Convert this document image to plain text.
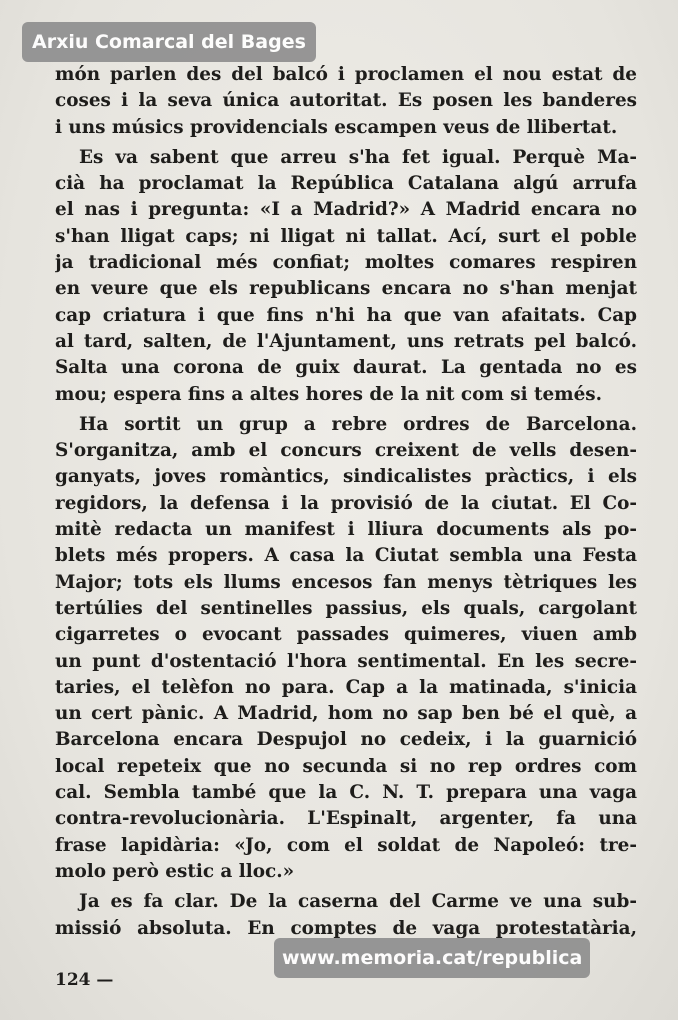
Arxiu Comarcal del Bages
món parlen des del balcó i proclamen el nou estat de
coses i la seva única autoritat. Es posen les banderes
i uns músics providencials escampen veus de llibertat.
Es va sabent que arreu s'ha fet igual. Perquè Ma-
cià ha proclamat la República Catalana algú arrufa
el nas i pregunta: «I a Madrid?» A Madrid encara no
s'han lligat caps; ni lligat ni tallat. Ací, surt el poble
ja tradicional més confiat; moltes comares respiren
en veure que els republicans encara no s'han menjat
cap criatura i que fins n'hi ha que van afaitats. Cap
al tard, salten, de l'Ajuntament, uns retrats pel balcó.
Salta una corona de guix daurat. La gentada no es
mou; espera fins a altes hores de la nit com si temés.
Ha sortit un grup a rebre ordres de Barcelona.
S'organitza, amb el concurs creixent de vells desen-
ganyats, joves romàntics, sindicalistes pràctics, i els
regidors, la defensa i la provisió de la ciutat. El Co-
mitè redacta un manifest i lliura documents als po-
blets més propers. A casa la Ciutat sembla una Festa
Major; tots els llums encesos fan menys tètriques les
tertúlies del sentinelles passius, els quals, cargolant
cigarretes o evocant passades quimeres, viuen amb
un punt d'ostentació l'hora sentimental. En les secre-
taries, el telèfon no para. Cap a la matinada, s'inicia
un cert pànic. A Madrid, hom no sap ben bé el què, a
Barcelona encara Despujol no cedeix, i la guarnició
local repeteix que no secunda si no rep ordres com
cal. Sembla també que la C. N. T. prepara una vaga
contra-revolucionària. L'Espinalt, argenter, fa una
frase lapidària: «Jo, com el soldat de Napoleó: tre-
molo però estic a lloc.»
Ja es fa clar. De la caserna del Carme ve una sub-
missió absoluta. En comptes de vaga protestatària,
www.memoria.cat/republica
124 —
